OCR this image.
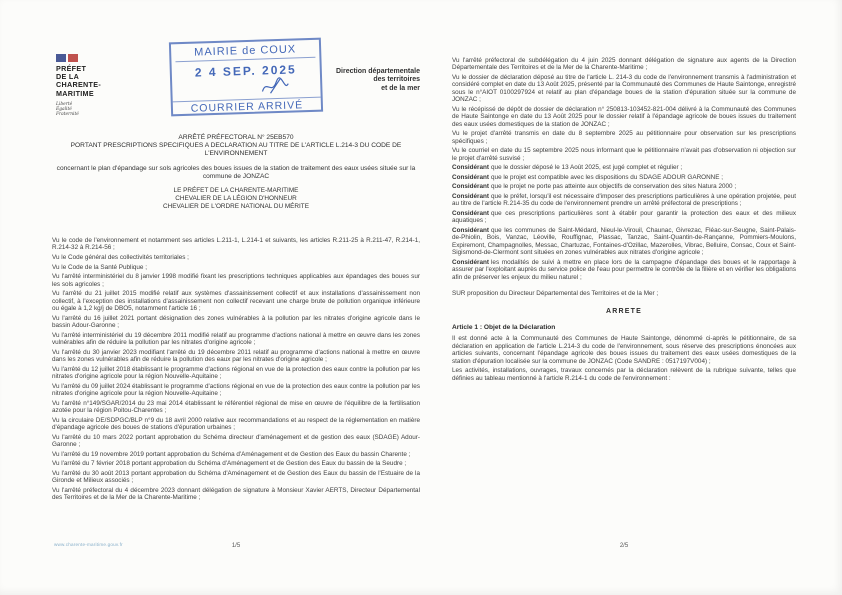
PRÉFET
DE LA
CHARENTE-
MARITIME
Liberté
Égalité
Fraternité
MAIRIE de COUX
2 4 SEP. 2025
COURRIER ARRIVÉ
Direction départementale
des territoires
et de la mer
ARRÊTÉ PRÉFECTORAL N° 25EB570
PORTANT PRESCRIPTIONS SPECIFIQUES A DECLARATION AU TITRE DE L'ARTICLE L.214-3 DU CODE DE L'ENVIRONNEMENT
concernant le plan d'épandage sur sols agricoles des boues issues de la station de traitement des eaux usées située sur la commune de JONZAC
LE PRÉFET DE LA CHARENTE-MARITIME
CHEVALIER DE LA LÉGION D'HONNEUR
CHEVALIER DE L'ORDRE NATIONAL DU MÉRITE

Vu le code de l'environnement et notamment ses articles L.211-1, L.214-1 et suivants, les articles R.211-25 à R.211-47, R.214-1, R.214-32 à R.214-56 ;

Vu le Code général des collectivités territoriales ;

Vu le Code de la Santé Publique ;

Vu l'arrêté interministériel du 8 janvier 1998 modifié fixant les prescriptions techniques applicables aux épandages des boues sur les sols agricoles ;

Vu l'arrêté du 21 juillet 2015 modifié relatif aux systèmes d'assainissement collectif et aux installations d'assainissement non collectif, à l'exception des installations d'assainissement non collectif recevant une charge brute de pollution organique inférieure ou égale à 1,2 kg/j de DBO5, notamment l'article 16 ;

Vu l'arrêté du 16 juillet 2021 portant désignation des zones vulnérables à la pollution par les nitrates d'origine agricole dans le bassin Adour-Garonne ;

Vu l'arrêté interministériel du 19 décembre 2011 modifié relatif au programme d'actions national à mettre en œuvre dans les zones vulnérables afin de réduire la pollution par les nitrates d'origine agricole ;

Vu l'arrêté du 30 janvier 2023 modifiant l'arrêté du 19 décembre 2011 relatif au programme d'actions national à mettre en œuvre dans les zones vulnérables afin de réduire la pollution des eaux par les nitrates d'origine agricole ;

Vu l'arrêté du 12 juillet 2018 établissant le programme d'actions régional en vue de la protection des eaux contre la pollution par les nitrates d'origine agricole pour la région Nouvelle-Aquitaine ;

Vu l'arrêté du 09 juillet 2024 établissant le programme d'actions régional en vue de la protection des eaux contre la pollution par les nitrates d'origine agricole pour la région Nouvelle-Aquitaine ;

Vu l'arrêté n°149/SGAR/2014 du 23 mai 2014 établissant le référentiel régional de mise en œuvre de l'équilibre de la fertilisation azotée pour la région Poitou-Charentes ;

Vu la circulaire DE/SDPGC/BLP n°9 du 18 avril 2000 relative aux recommandations et au respect de la réglementation en matière d'épandage agricole des boues de stations d'épuration urbaines ;

Vu l'arrêté du 10 mars 2022 portant approbation du Schéma directeur d'aménagement et de gestion des eaux (SDAGE) Adour-Garonne ;

Vu l'arrêté du 19 novembre 2019 portant approbation du Schéma d'Aménagement et de Gestion des Eaux du bassin Charente ;

Vu l'arrêté du 7 février 2018 portant approbation du Schéma d'Aménagement et de Gestion des Eaux du bassin de la Seudre ;

Vu l'arrêté du 30 août 2013 portant approbation du Schéma d'Aménagement et de Gestion des Eaux du bassin de l'Estuaire de la Gironde et Milieux associés ;

Vu l'arrêté préfectoral du 4 décembre 2023 donnant délégation de signature à Monsieur Xavier AERTS, Directeur Départemental des Territoires et de la Mer de la Charente-Maritime ;

Vu l'arrêté préfectoral de subdélégation du 4 juin 2025 donnant délégation de signature aux agents de la Direction Départementale des Territoires et de la Mer de la Charente-Maritime ;

Vu le dossier de déclaration déposé au titre de l'article L. 214-3 du code de l'environnement transmis à l'administration et considéré complet en date du 13 Août 2025, présenté par la Communauté des Communes de Haute Saintonge, enregistré sous le n°AIOT 0100297924 et relatif au plan d'épandage boues de la station d'épuration située sur la commune de JONZAC ;

Vu le récépissé de dépôt de dossier de déclaration n° 250813-103452-821-004 délivré à la Communauté des Communes de Haute Saintonge en date du 13 Août 2025 pour le dossier relatif à l'épandage agricole de boues issues du traitement des eaux usées domestiques de la station de JONZAC ;

Vu le projet d'arrêté transmis en date du 8 septembre 2025 au pétitionnaire pour observation sur les prescriptions spécifiques ;

Vu le courriel en date du 15 septembre 2025 nous informant que le pétitionnaire n'avait pas d'observation ni objection sur le projet d'arrêté susvisé ;

Considérant que le dossier déposé le 13 Août 2025, est jugé complet et régulier ;

Considérant que le projet est compatible avec les dispositions du SDAGE ADOUR GARONNE ;

Considérant que le projet ne porte pas atteinte aux objectifs de conservation des sites Natura 2000 ;

Considérant que le préfet, lorsqu'il est nécessaire d'imposer des prescriptions particulières à une opération projetée, peut au titre de l'article R.214-35 du code de l'environnement prendre un arrêté préfectoral de prescriptions ;

Considérant que ces prescriptions particulières sont à établir pour garantir la protection des eaux et des milieux aquatiques ;

Considérant que les communes de Saint-Médard, Nieul-le-Virouil, Chaunac, Givrezac, Fléac-sur-Seugne, Saint-Palais-de-Phiolin, Bois, Vanzac, Léoville, Rouffignac, Plassac, Tanzac, Saint-Quantin-de-Rançanne, Pommiers-Moulons, Expiremont, Champagnolles, Messac, Chartuzac, Fontaines-d'Ozillac, Mazerolles, Vibrac, Belluire, Consac, Coux et Saint-Sigismond-de-Clermont sont situées en zones vulnérables aux nitrates d'origine agricole ;

Considérant les modalités de suivi à mettre en place lors de la campagne d'épandage des boues et le rapportage à assurer par l'exploitant auprès du service police de l'eau pour permettre le contrôle de la filière et en vérifier les obligations afin de préserver les enjeux du milieu naturel ;

SUR proposition du Directeur Départemental des Territoires et de la Mer ;

ARRETE
Article 1 : Objet de la Déclaration

Il est donné acte à la Communauté des Communes de Haute Saintonge, dénommé ci-après le pétitionnaire, de sa déclaration en application de l'article L.214-3 du code de l'environnement, sous réserve des prescriptions énoncées aux articles suivants, concernant l'épandage agricole des boues issues du traitement des eaux usées domestiques de la station d'épuration localisée sur la commune de JONZAC (Code SANDRE : 0517197V004) ;

Les activités, installations, ouvrages, travaux concernés par la déclaration relèvent de la rubrique suivante, telles que définies au tableau mentionné à l'article R.214-1 du code de l'environnement :

www.charente-maritime.gouv.fr	1/5	2/5
